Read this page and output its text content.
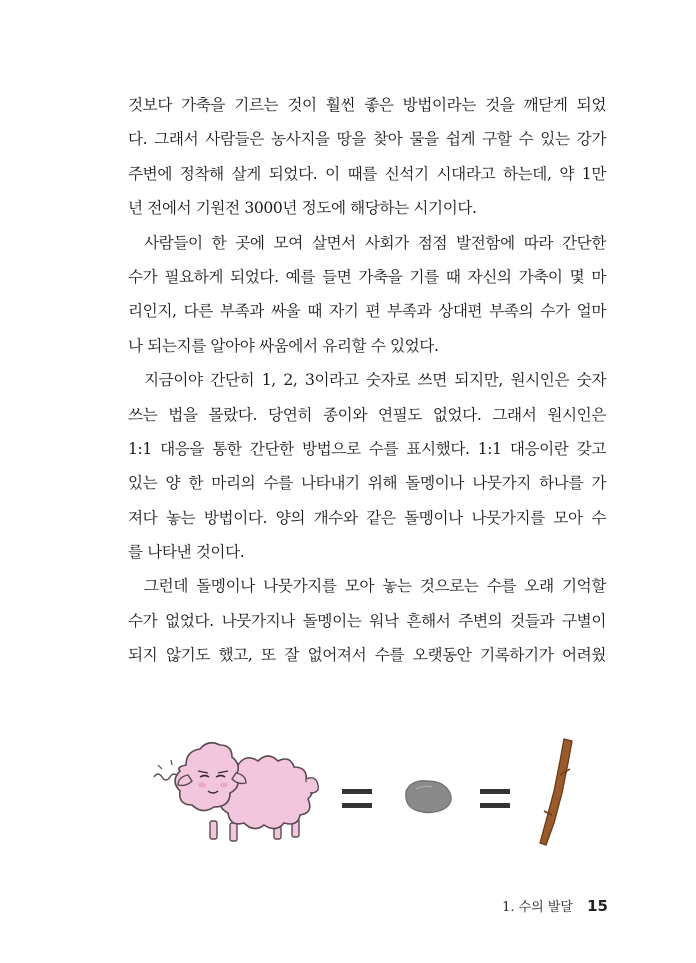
것보다 가축을 기르는 것이 훨씬 좋은 방법이라는 것을 깨닫게 되었
다. 그래서 사람들은 농사지을 땅을 찾아 물을 쉽게 구할 수 있는 강가
주변에 정착해 살게 되었다. 이 때를 신석기 시대라고 하는데, 약 1만
년 전에서 기원전 3000년 정도에 해당하는 시기이다.
사람들이 한 곳에 모여 살면서 사회가 점점 발전함에 따라 간단한
수가 필요하게 되었다. 예를 들면 가축을 기를 때 자신의 가축이 몇 마
리인지, 다른 부족과 싸울 때 자기 편 부족과 상대편 부족의 수가 얼마
나 되는지를 알아야 싸움에서 유리할 수 있었다.
지금이야 간단히 1, 2, 3이라고 숫자로 쓰면 되지만, 원시인은 숫자
쓰는 법을 몰랐다. 당연히 종이와 연필도 없었다. 그래서 원시인은
1:1 대응을 통한 간단한 방법으로 수를 표시했다. 1:1 대응이란 갖고
있는 양 한 마리의 수를 나타내기 위해 돌멩이나 나뭇가지 하나를 가
져다 놓는 방법이다. 양의 개수와 같은 돌멩이나 나뭇가지를 모아 수
를 나타낸 것이다.
그런데 돌멩이나 나뭇가지를 모아 놓는 것으로는 수를 오래 기억할
수가 없었다. 나뭇가지나 돌멩이는 워낙 흔해서 주변의 것들과 구별이
되지 않기도 했고, 또 잘 없어져서 수를 오랫동안 기록하기가 어려웠
1. 수의 발달 15
